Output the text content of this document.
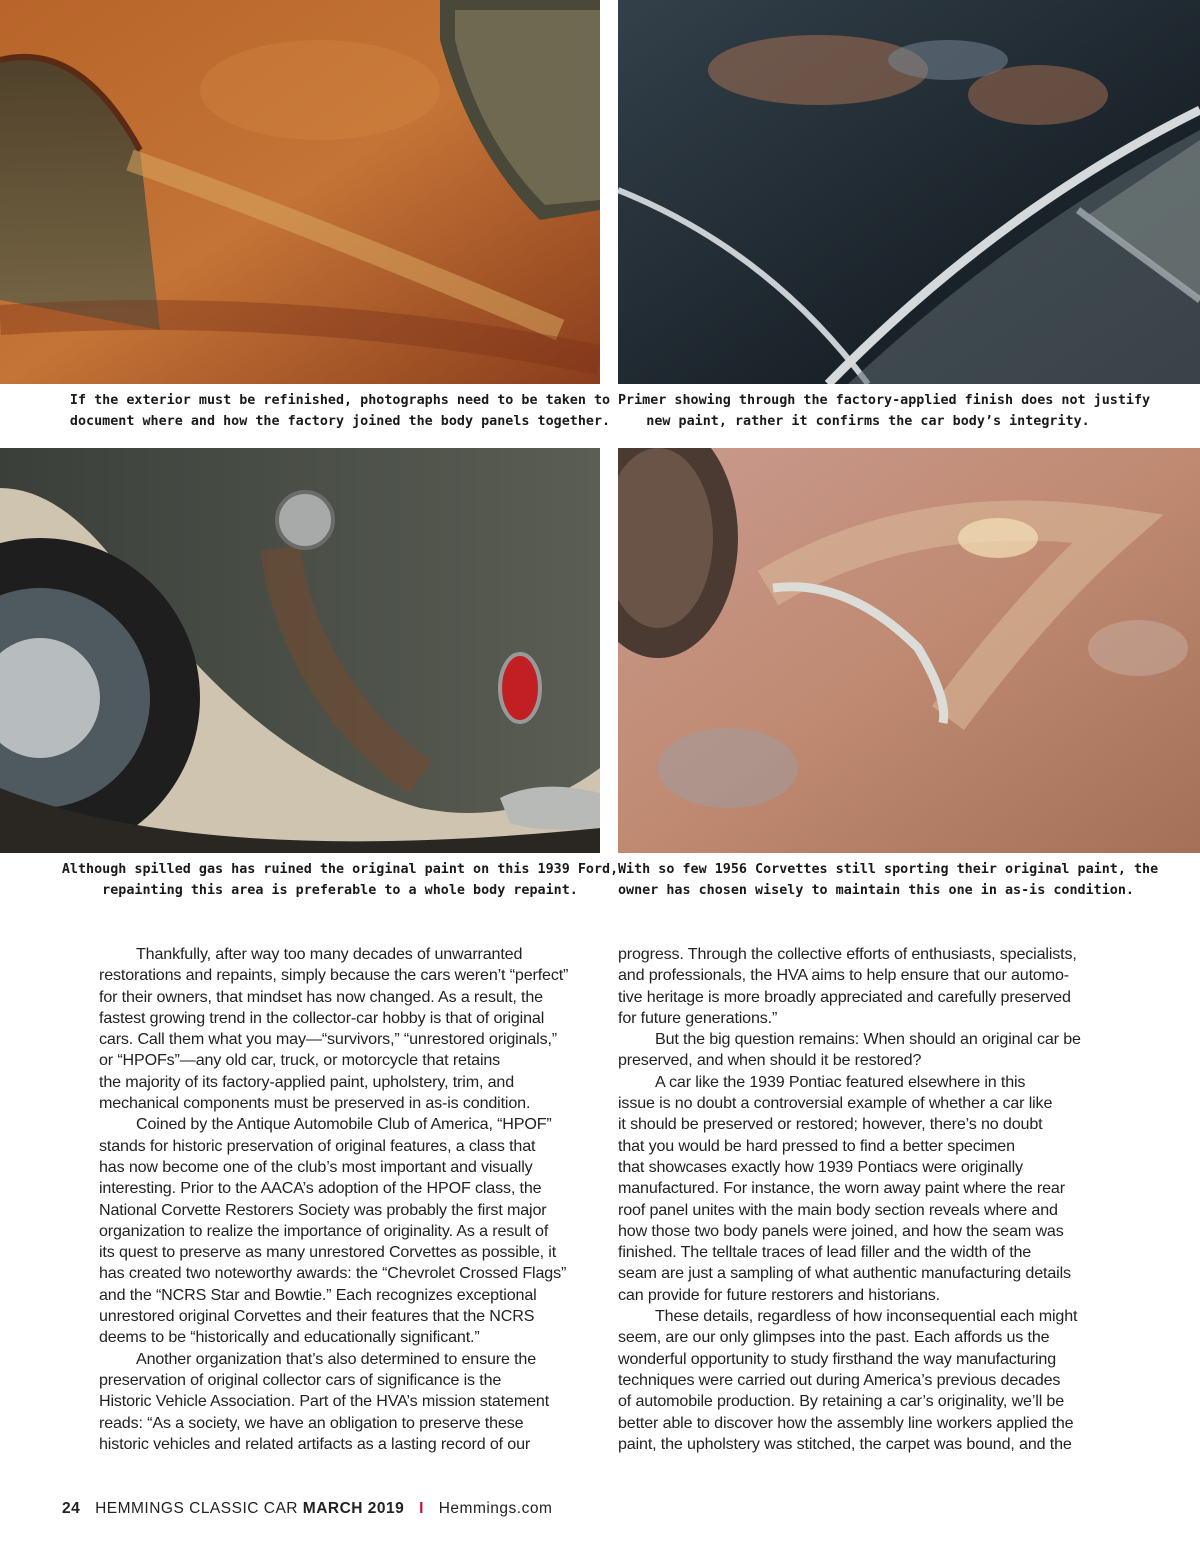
If the exterior must be refinished, photographs need to be taken to
document where and how the factory joined the body panels together.
Primer showing through the factory-applied finish does not justify
new paint, rather it confirms the car body’s integrity.
Although spilled gas has ruined the original paint on this 1939 Ford,
repainting this area is preferable to a whole body repaint.
With so few 1956 Corvettes still sporting their original paint, the
owner has chosen wisely to maintain this one in as-is condition.
Thankfully, after way too many decades of unwarranted
restorations and repaints, simply because the cars weren’t “perfect”
for their owners, that mindset has now changed. As a result, the
fastest growing trend in the collector-car hobby is that of original
cars. Call them what you may—“survivors,” “unrestored originals,”
or “HPOFs”—any old car, truck, or motorcycle that retains
the majority of its factory-applied paint, upholstery, trim, and
mechanical components must be preserved in as-is condition.
Coined by the Antique Automobile Club of America, “HPOF”
stands for historic preservation of original features, a class that
has now become one of the club’s most important and visually
interesting. Prior to the AACA’s adoption of the HPOF class, the
National Corvette Restorers Society was probably the first major
organization to realize the importance of originality. As a result of
its quest to preserve as many unrestored Corvettes as possible, it
has created two noteworthy awards: the “Chevrolet Crossed Flags”
and the “NCRS Star and Bowtie.” Each recognizes exceptional
unrestored original Corvettes and their features that the NCRS
deems to be “historically and educationally significant.”
Another organization that’s also determined to ensure the
preservation of original collector cars of significance is the
Historic Vehicle Association. Part of the HVA’s mission statement
reads: “As a society, we have an obligation to preserve these
historic vehicles and related artifacts as a lasting record of our
progress. Through the collective efforts of enthusiasts, specialists,
and professionals, the HVA aims to help ensure that our automo-
tive heritage is more broadly appreciated and carefully preserved
for future generations.”
But the big question remains: When should an original car be
preserved, and when should it be restored?
A car like the 1939 Pontiac featured elsewhere in this
issue is no doubt a controversial example of whether a car like
it should be preserved or restored; however, there’s no doubt
that you would be hard pressed to find a better specimen
that showcases exactly how 1939 Pontiacs were originally
manufactured. For instance, the worn away paint where the rear
roof panel unites with the main body section reveals where and
how those two body panels were joined, and how the seam was
finished. The telltale traces of lead filler and the width of the
seam are just a sampling of what authentic manufacturing details
can provide for future restorers and historians.
These details, regardless of how inconsequential each might
seem, are our only glimpses into the past. Each affords us the
wonderful opportunity to study firsthand the way manufacturing
techniques were carried out during America’s previous decades
of automobile production. By retaining a car’s originality, we’ll be
better able to discover how the assembly line workers applied the
paint, the upholstery was stitched, the carpet was bound, and the
24 HEMMINGS CLASSIC CAR MARCH 2019 I Hemmings.com
